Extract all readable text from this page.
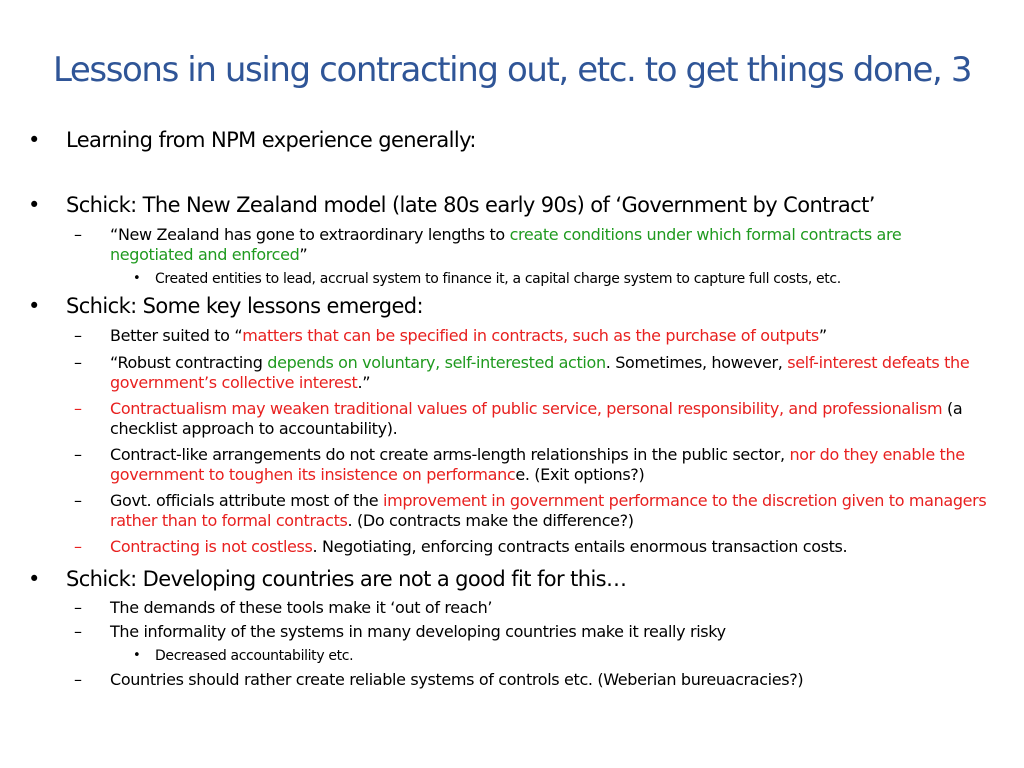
Lessons in using contracting out, etc. to get things done, 3
• Learning from NPM experience generally:
• Schick: The New Zealand model (late 80s early 90s) of ‘Government by Contract’
– “New Zealand has gone to extraordinary lengths to create conditions under which formal contracts are negotiated and enforced”
• Created entities to lead, accrual system to finance it, a capital charge system to capture full costs, etc.
• Schick: Some key lessons emerged:
– Better suited to “matters that can be specified in contracts, such as the purchase of outputs”
– “Robust contracting depends on voluntary, self-interested action. Sometimes, however, self-interest defeats the government’s collective interest.”
– Contractualism may weaken traditional values of public service, personal responsibility, and professionalism (a checklist approach to accountability).
– Contract-like arrangements do not create arms-length relationships in the public sector, nor do they enable the government to toughen its insistence on performance. (Exit options?)
– Govt. officials attribute most of the improvement in government performance to the discretion given to managers rather than to formal contracts. (Do contracts make the difference?)
– Contracting is not costless. Negotiating, enforcing contracts entails enormous transaction costs.
• Schick: Developing countries are not a good fit for this…
– The demands of these tools make it ‘out of reach’
– The informality of the systems in many developing countries make it really risky
• Decreased accountability etc.
– Countries should rather create reliable systems of controls etc. (Weberian bureuacracies?)
